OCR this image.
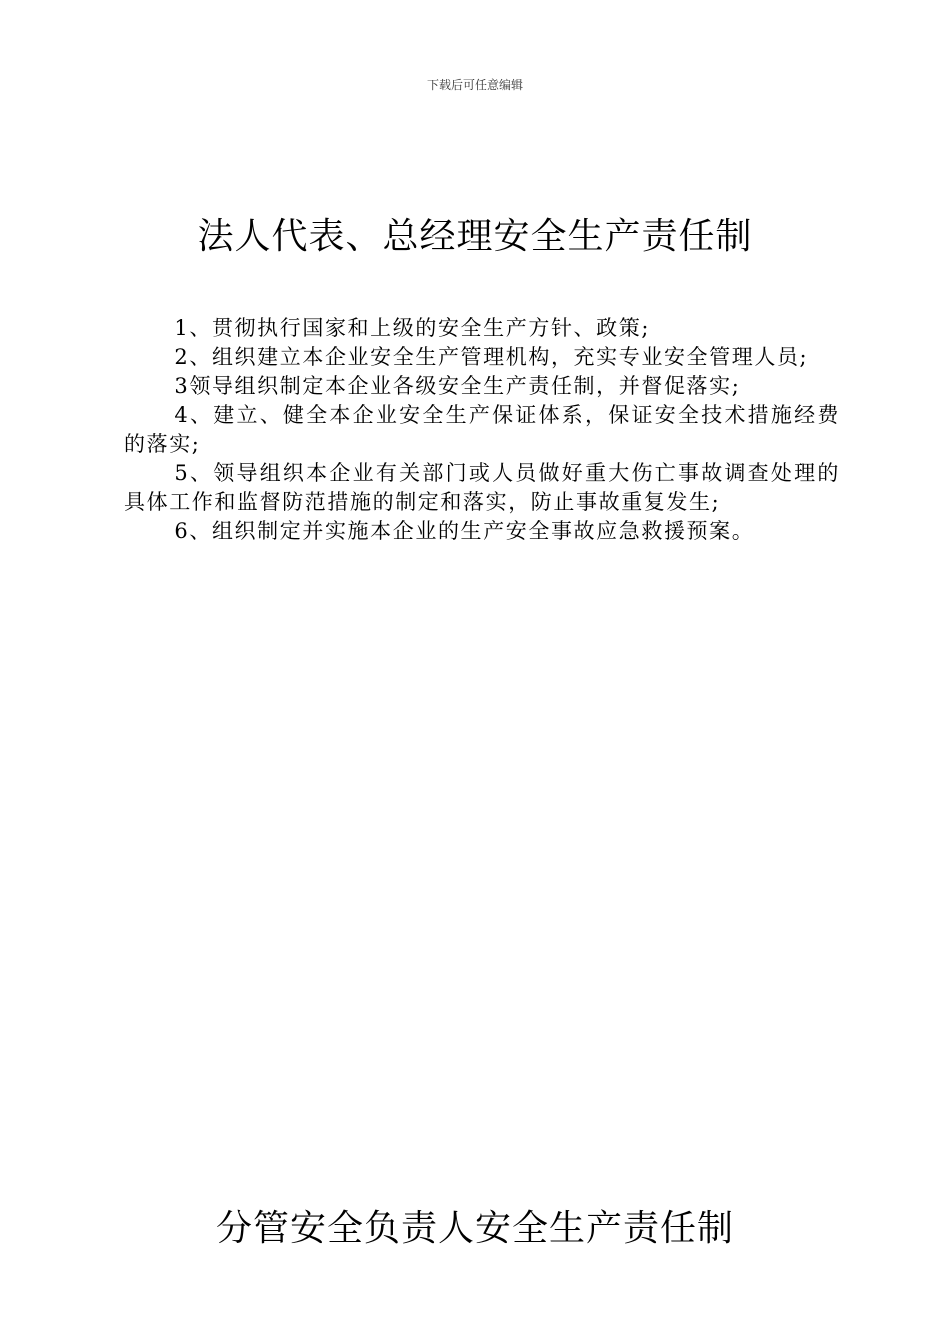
下载后可任意编辑
法人代表、总经理安全生产责任制

1、贯彻执行国家和上级的安全生产方针、政策;

2、组织建立本企业安全生产管理机构，充实专业安全管理人员;

3领导组织制定本企业各级安全生产责任制，并督促落实;

4、建立、健全本企业安全生产保证体系，保证安全技术措施经费的落实;

5、领导组织本企业有关部门或人员做好重大伤亡事故调查处理的具体工作和监督防范措施的制定和落实，防止事故重复发生;

6、组织制定并实施本企业的生产安全事故应急救援预案。

分管安全负责人安全生产责任制
